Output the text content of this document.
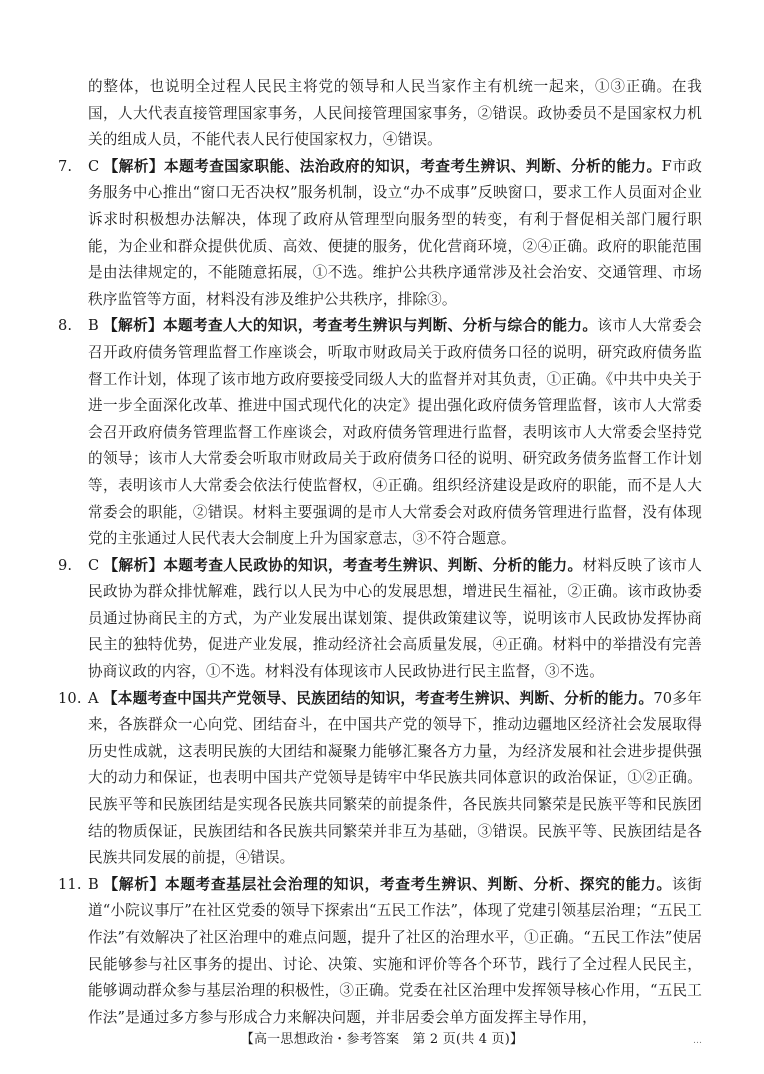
的整体，也说明全过程人民民主将党的领导和人民当家作主有机统一起来，①③正确。在我国，人大代表直接管理国家事务，人民间接管理国家事务，②错误。政协委员不是国家权力机关的组成人员，不能代表人民行使国家权力，④错误。

7.	C 【解析】本题考查国家职能、法治政府的知识，考查考生辨识、判断、分析的能力。F市政务服务中心推出“窗口无否决权”服务机制，设立“办不成事”反映窗口，要求工作人员面对企业诉求时积极想办法解决，体现了政府从管理型向服务型的转变，有利于督促相关部门履行职能，为企业和群众提供优质、高效、便捷的服务，优化营商环境，②④正确。政府的职能范围是由法律规定的，不能随意拓展，①不选。维护公共秩序通常涉及社会治安、交通管理、市场秩序监管等方面，材料没有涉及维护公共秩序，排除③。
8.	B 【解析】本题考查人大的知识，考查考生辨识与判断、分析与综合的能力。该市人大常委会召开政府债务管理监督工作座谈会，听取市财政局关于政府债务口径的说明，研究政府债务监督工作计划，体现了该市地方政府要接受同级人大的监督并对其负责，①正确。《中共中央关于进一步全面深化改革、推进中国式现代化的决定》提出强化政府债务管理监督，该市人大常委会召开政府债务管理监督工作座谈会，对政府债务管理进行监督，表明该市人大常委会坚持党的领导；该市人大常委会听取市财政局关于政府债务口径的说明、研究政务债务监督工作计划等，表明该市人大常委会依法行使监督权，④正确。组织经济建设是政府的职能，而不是人大常委会的职能，②错误。材料主要强调的是市人大常委会对政府债务管理进行监督，没有体现党的主张通过人民代表大会制度上升为国家意志，③不符合题意。
9.	C 【解析】本题考查人民政协的知识，考查考生辨识、判断、分析的能力。材料反映了该市人民政协为群众排忧解难，践行以人民为中心的发展思想，增进民生福祉，②正确。该市政协委员通过协商民主的方式，为产业发展出谋划策、提供政策建议等，说明该市人民政协发挥协商民主的独特优势，促进产业发展，推动经济社会高质量发展，④正确。材料中的举措没有完善协商议政的内容，①不选。材料没有体现该市人民政协进行民主监督，③不选。
10. A 【本题考查中国共产党领导、民族团结的知识，考查考生辨识、判断、分析的能力。70多年来，各族群众一心向党、团结奋斗，在中国共产党的领导下，推动边疆地区经济社会发展取得历史性成就，这表明民族的大团结和凝聚力能够汇聚各方力量，为经济发展和社会进步提供强大的动力和保证，也表明中国共产党领导是铸牢中华民族共同体意识的政治保证，①②正确。民族平等和民族团结是实现各民族共同繁荣的前提条件，各民族共同繁荣是民族平等和民族团结的物质保证，民族团结和各民族共同繁荣并非互为基础，③错误。民族平等、民族团结是各民族共同发展的前提，④错误。
11. B 【解析】本题考查基层社会治理的知识，考查考生辨识、判断、分析、探究的能力。该街道“小院议事厅”在社区党委的领导下探索出“五民工作法”，体现了党建引领基层治理；“五民工作法”有效解决了社区治理中的难点问题，提升了社区的治理水平，①正确。“五民工作法”使居民能够参与社区事务的提出、讨论、决策、实施和评价等各个环节，践行了全过程人民民主，能够调动群众参与基层治理的积极性，③正确。党委在社区治理中发挥领导核心作用，“五民工作法”是通过多方参与形成合力来解决问题，并非居委会单方面发挥主导作用，
【高一思想政治・参考答案　第 2 页(共 4 页)】	…
